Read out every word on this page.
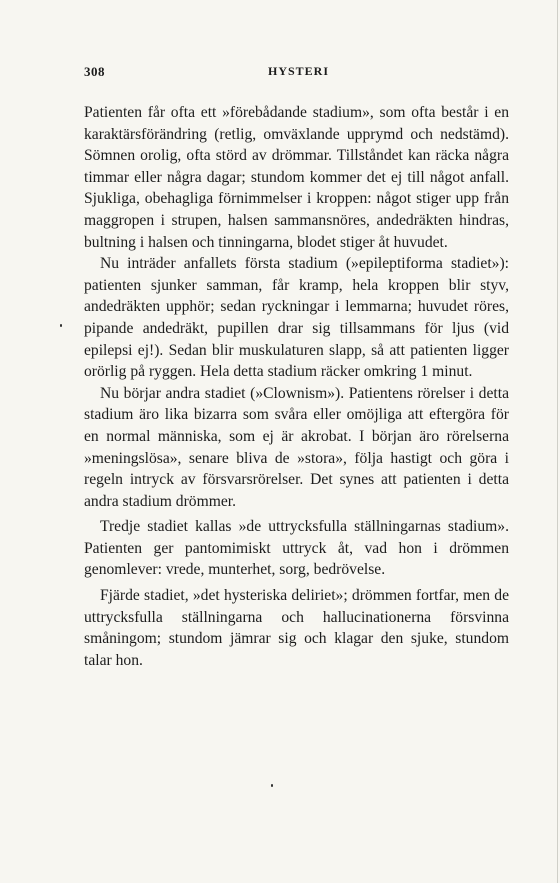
308	HYSTERI

Patienten får ofta ett »förebådande stadium», som ofta består i en karaktärsförändring (retlig, omväxlande upprymd och nedstämd). Sömnen orolig, ofta störd av drömmar. Tillståndet kan räcka några timmar eller några dagar; stundom kommer det ej till något anfall. Sjukliga, obehagliga förnimmelser i kroppen: något stiger upp från maggropen i strupen, halsen sammansnöres, andedräkten hindras, bultning i halsen och tinningarna, blodet stiger åt huvudet.

Nu inträder anfallets första stadium (»epileptiforma stadiet»): patienten sjunker samman, får kramp, hela kroppen blir styv, andedräkten upphör; sedan ryckningar i lemmarna; huvudet röres, pipande andedräkt, pupillen drar sig tillsammans för ljus (vid epilepsi ej!). Sedan blir muskulaturen slapp, så att patienten ligger orörlig på ryggen. Hela detta stadium räcker omkring 1 minut.

Nu börjar andra stadiet (»Clownism»). Patientens rörelser i detta stadium äro lika bizarra som svåra eller omöjliga att eftergöra för en normal människa, som ej är akrobat. I början äro rörelserna »meningslösa», senare bliva de »stora», följa hastigt och göra i regeln intryck av försvarsrörelser. Det synes att patienten i detta andra stadium drömmer.

Tredje stadiet kallas »de uttrycksfulla ställningarnas stadium». Patienten ger pantomimiskt uttryck åt, vad hon i drömmen genomlever: vrede, munterhet, sorg, bedrövelse.

Fjärde stadiet, »det hysteriska deliriet»; drömmen fortfar, men de uttrycksfulla ställningarna och hallucinationerna försvinna småningom; stundom jämrar sig och klagar den sjuke, stundom talar hon.
